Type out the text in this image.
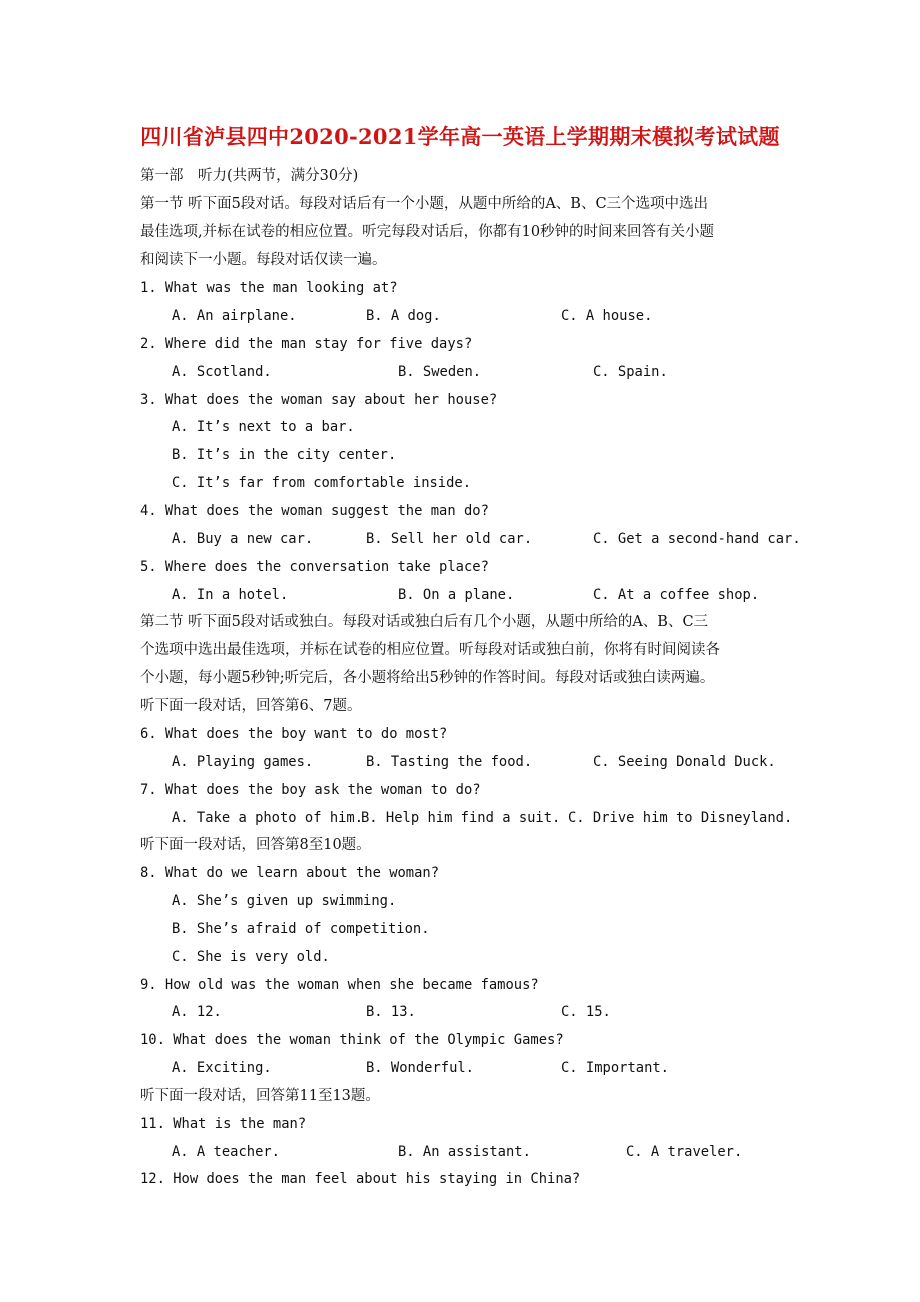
四川省泸县四中2020-2021学年高一英语上学期期末模拟考试试题
第一部　听力(共两节，满分30分)
第一节 听下面5段对话。每段对话后有一个小题，从题中所给的A、B、C三个选项中选出
最佳选项,并标在试卷的相应位置。听完每段对话后，你都有10秒钟的时间来回答有关小题
和阅读下一小题。每段对话仅读一遍。
1. What was the man looking at?
A. An airplane.	B. A dog.	C. A house.
2. Where did the man stay for five days?
A. Scotland.	B. Sweden.	C. Spain.
3. What does the woman say about her house?
A. It’s next to a bar.
B. It’s in the city center.
C. It’s far from comfortable inside.
4. What does the woman suggest the man do?
A. Buy a new car.	B. Sell her old car.	C. Get a second-hand car.
5. Where does the conversation take place?
A. In a hotel.	B. On a plane.	C. At a coffee shop.
第二节 听下面5段对话或独白。每段对话或独白后有几个小题，从题中所给的A、B、C三
个选项中选出最佳选项，并标在试卷的相应位置。听每段对话或独白前，你将有时间阅读各
个小题，每小题5秒钟;听完后，各小题将给出5秒钟的作答时间。每段对话或独白读两遍。
听下面一段对话，回答第6、7题。
6. What does the boy want to do most?
A. Playing games.	B. Tasting the food.	C. Seeing Donald Duck.
7. What does the boy ask the woman to do?
A. Take a photo of him.
B. Help him find a suit. C. Drive him to Disneyland.
听下面一段对话，回答第8至10题。
8. What do we learn about the woman?
A. She’s given up swimming.
B. She’s afraid of competition.
C. She is very old.
9. How old was the woman when she became famous?
A. 12.	B. 13.	C. 15.
10. What does the woman think of the Olympic Games?
A. Exciting.	B. Wonderful.	C. Important.
听下面一段对话，回答第11至13题。
11. What is the man?
A. A teacher.	B. An assistant.	C. A traveler.
12. How does the man feel about his staying in China?
